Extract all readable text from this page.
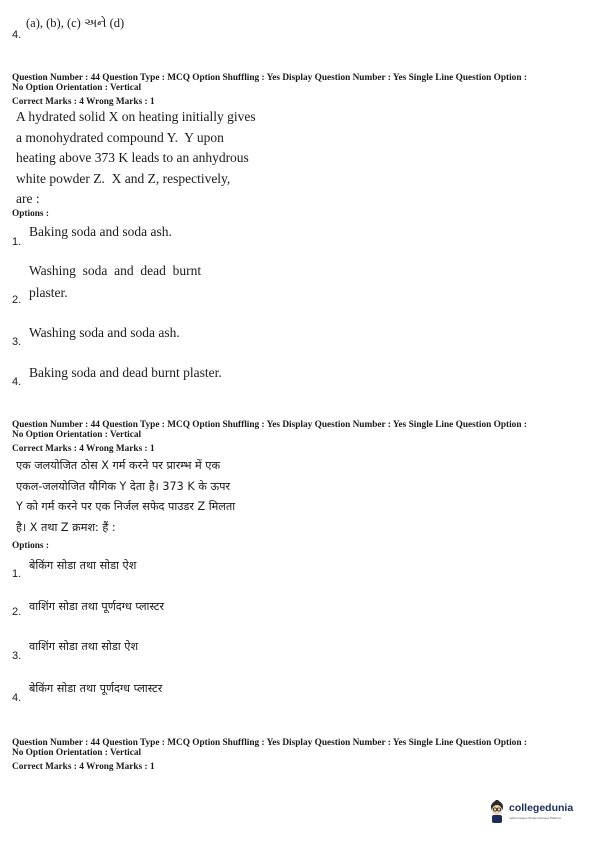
4.
(a), (b), (c) અને (d)
Question Number : 44 Question Type : MCQ Option Shuffling : Yes Display Question Number : Yes Single Line Question Option :
No Option Orientation : Vertical
Correct Marks : 4 Wrong Marks : 1
A hydrated solid X on heating initially gives
a monohydrated compound Y.  Y upon
heating above 373 K leads to an anhydrous
white powder Z.  X and Z, respectively,
are :
Options :
1.
Baking soda and soda ash.
2.
Washing  soda  and  dead  burnt
plaster.
3.
Washing soda and soda ash.
4.
Baking soda and dead burnt plaster.
Question Number : 44 Question Type : MCQ Option Shuffling : Yes Display Question Number : Yes Single Line Question Option :
No Option Orientation : Vertical
Correct Marks : 4 Wrong Marks : 1
एक जलयोजित ठोस X गर्म करने पर प्रारम्भ में एक
एकल-जलयोजित यौगिक Y देता है। 373 K के ऊपर
Y को गर्म करने पर एक निर्जल सफेद पाउडर Z मिलता
है। X तथा Z क्रमश: हैं :
Options :
1.
बेकिंग सोडा तथा सोडा ऐश
2. वाशिंग सोडा तथा पूर्णदग्ध प्लास्टर
3.
वाशिंग सोडा तथा सोडा ऐश
4.
बेकिंग सोडा तथा पूर्णदग्ध प्लास्टर
Question Number : 44 Question Type : MCQ Option Shuffling : Yes Display Question Number : Yes Single Line Question Option :
No Option Orientation : Vertical
Correct Marks : 4 Wrong Marks : 1
collegedunia
India's largest Student Review Platform
